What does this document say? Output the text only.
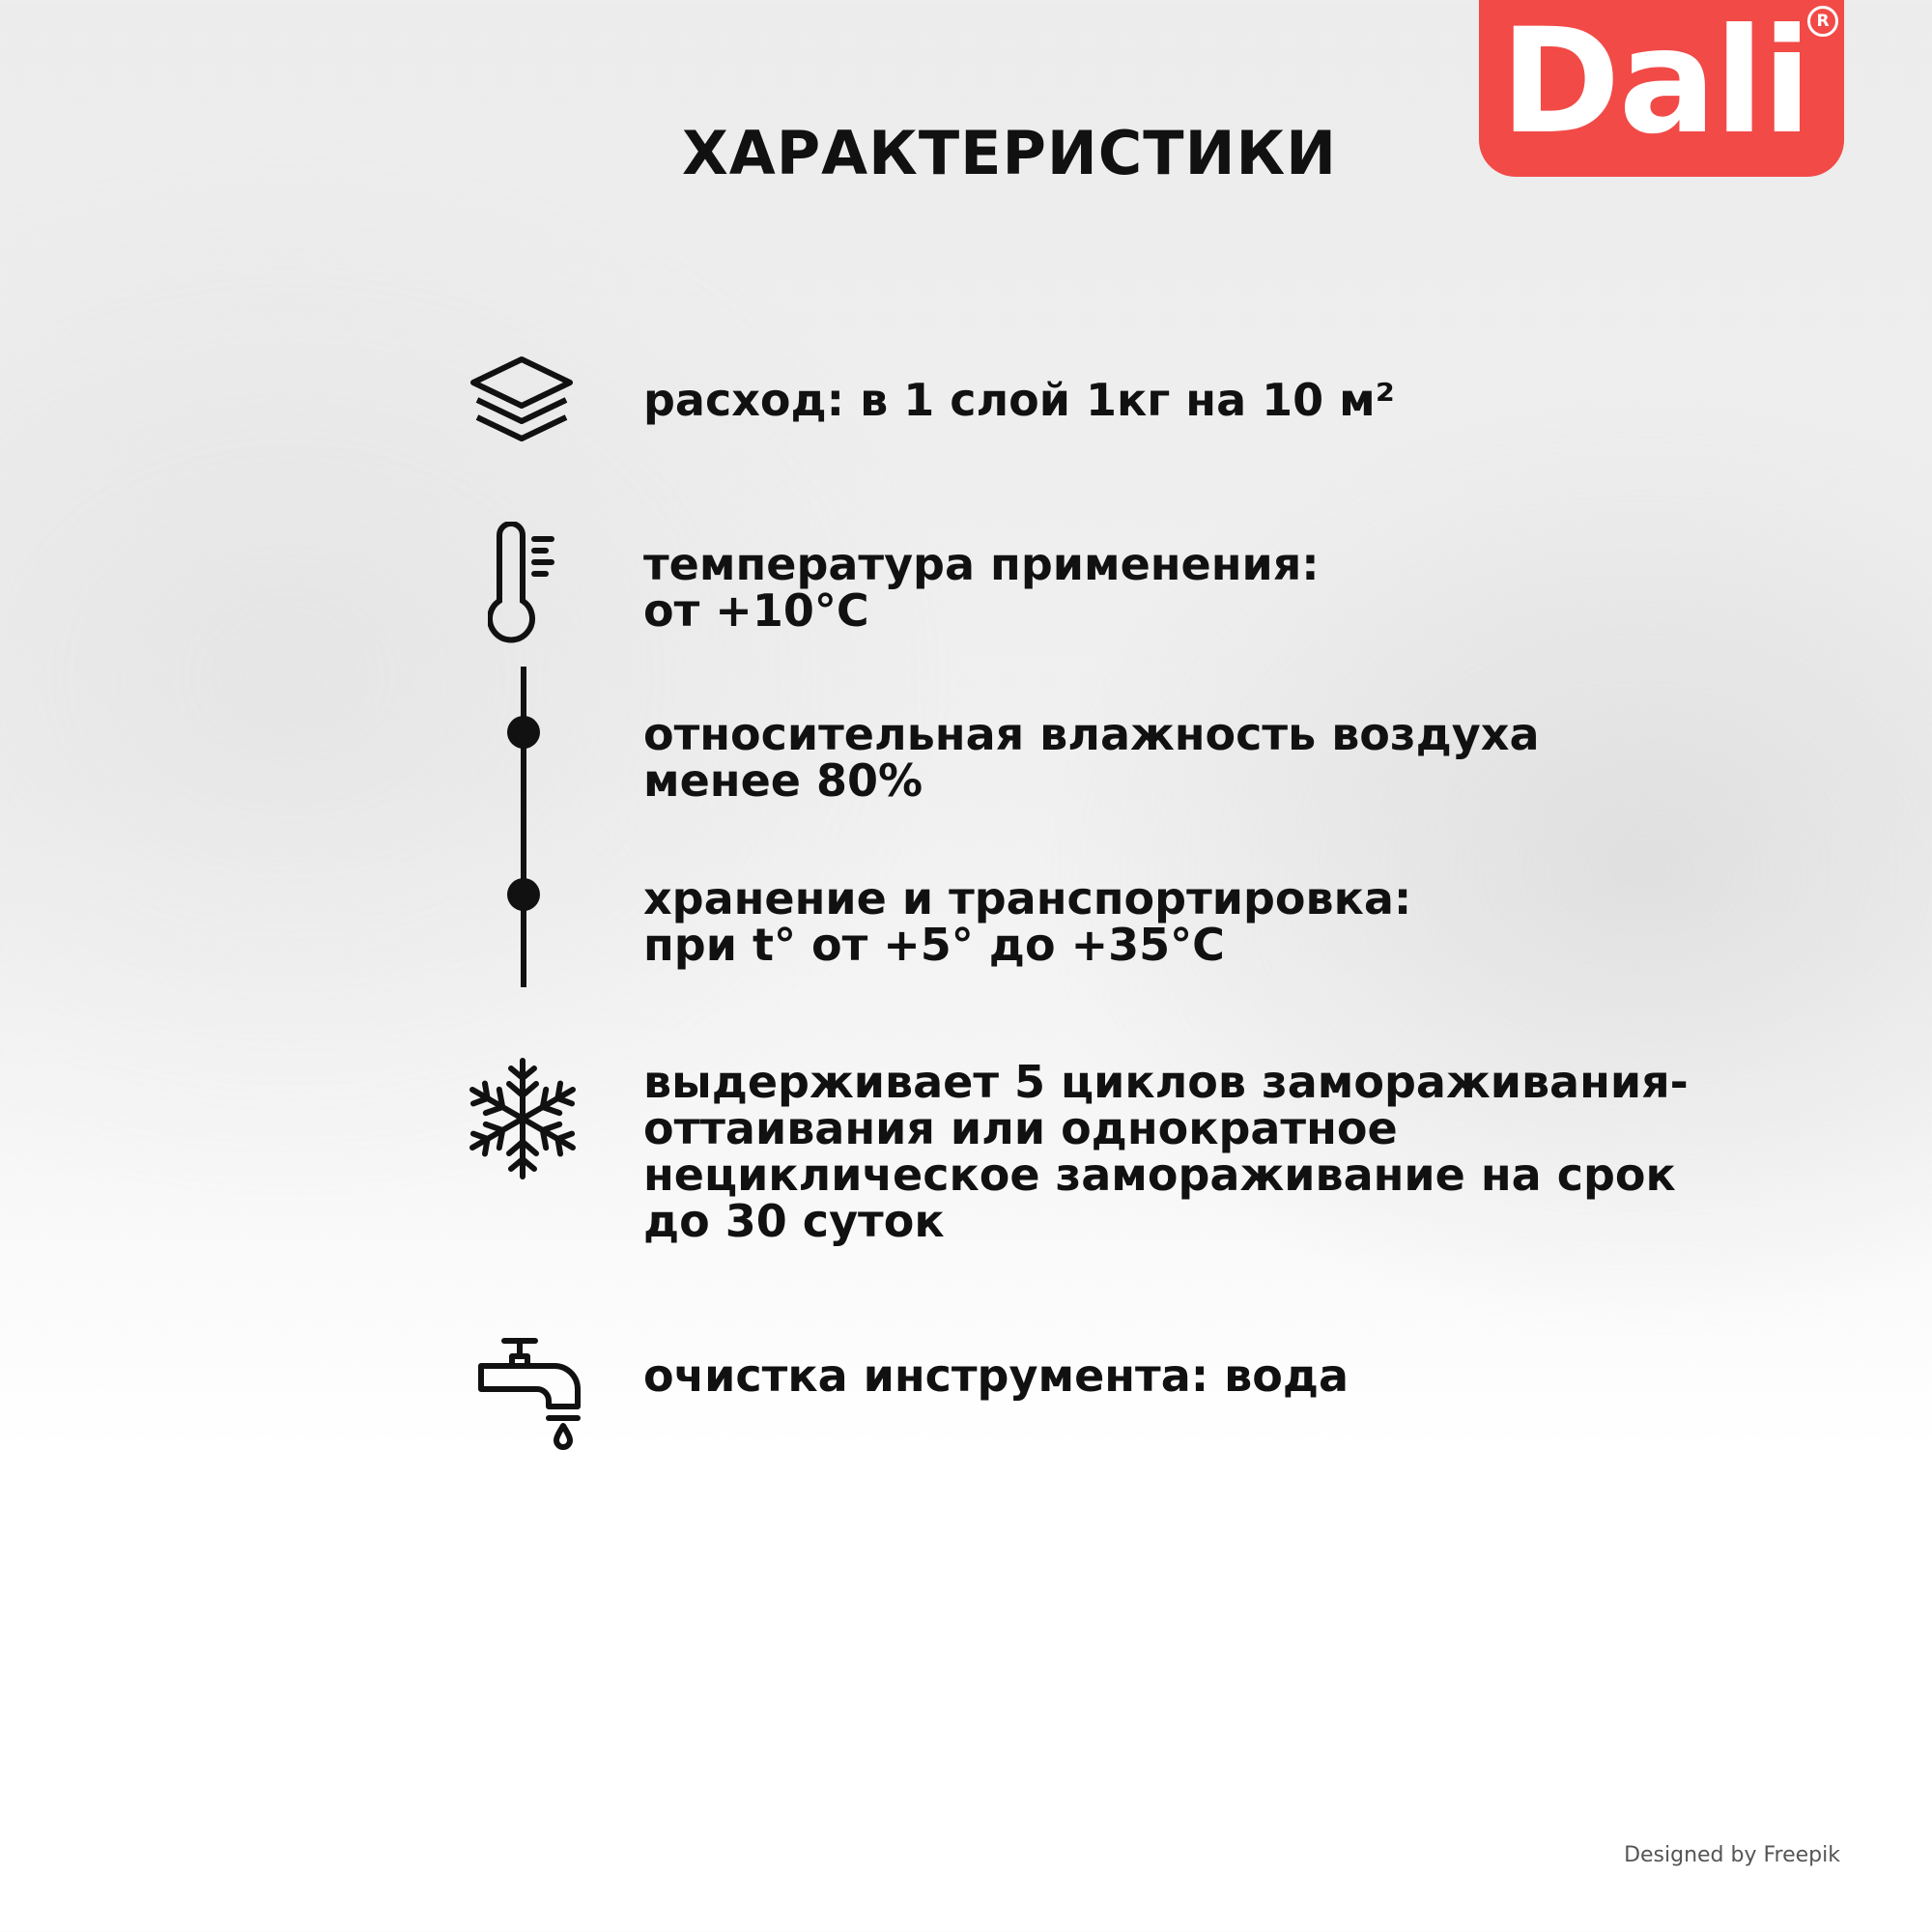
ХАРАКТЕРИСТИКИ	Dali R
расход: в 1 слой 1кг на 10 м²
температура применения:
от +10°С
относительная влажность воздуха
менее 80%
хранение и транспортировка:
при t° от +5° до +35°С
выдерживает 5 циклов замораживания-
оттаивания или однократное
нециклическое замораживание на срок
до 30 суток
очистка инструмента: вода
Designed by Freepik
